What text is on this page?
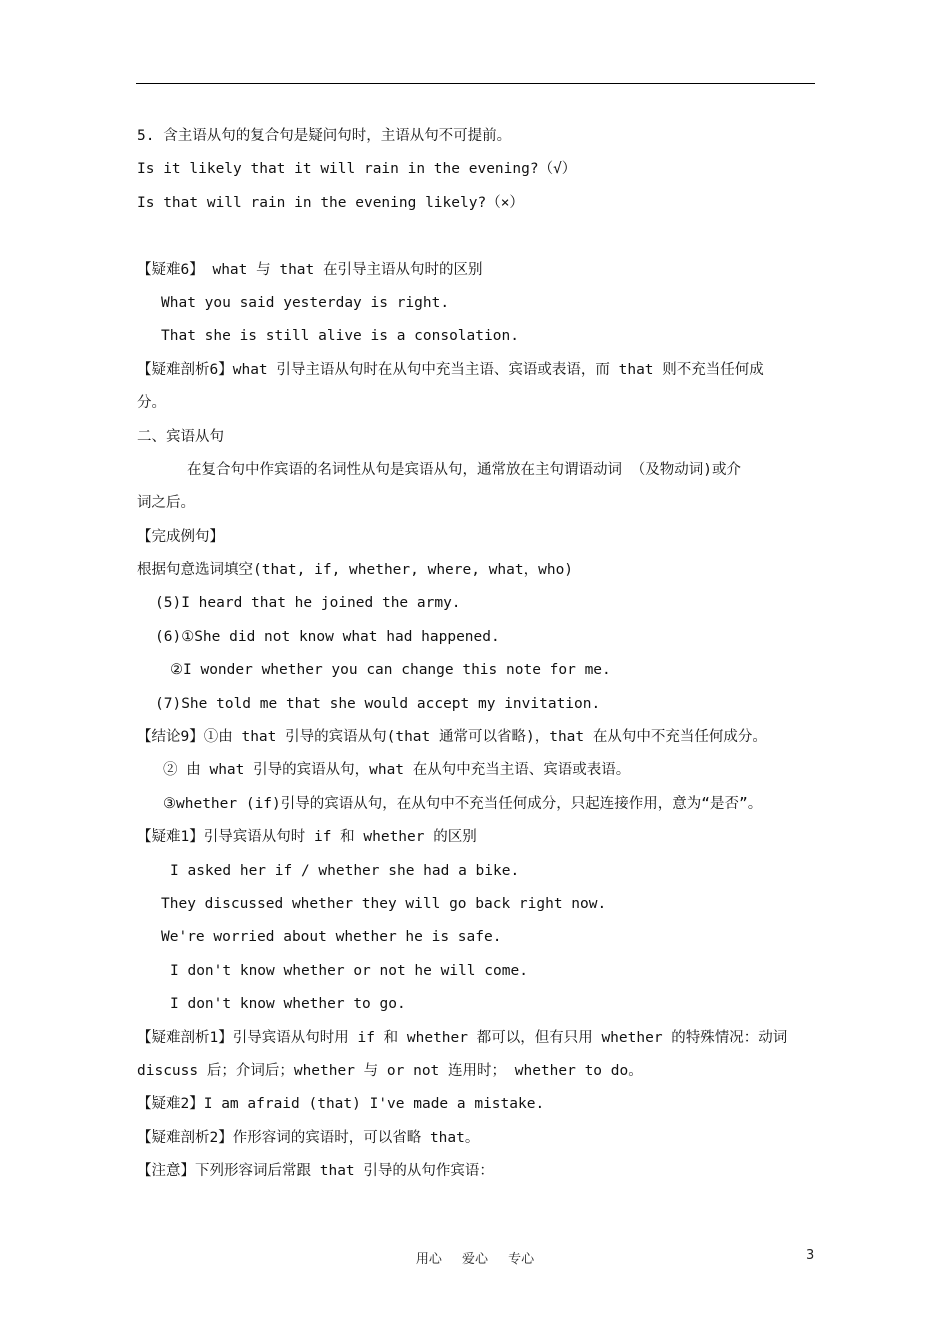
5. 含主语从句的复合句是疑问句时，主语从句不可提前。
Is it likely that it will rain in the evening?（√）
Is that will rain in the evening likely?（×）
【疑难6】 what 与 that 在引导主语从句时的区别
What you said yesterday is right.
That she is still alive is a consolation.
【疑难剖析6】what 引导主语从句时在从句中充当主语、宾语或表语，而 that 则不充当任何成
分。
二、宾语从句
在复合句中作宾语的名词性从句是宾语从句，通常放在主句谓语动词 （及物动词)或介
词之后。
【完成例句】
根据句意选词填空(that, if, whether, where, what，who)
(5)I heard that he joined the army.
(6)①She did not know what had happened.
②I wonder whether you can change this note for me.
(7)She told me that she would accept my invitation.
【结论9】①由 that 引导的宾语从句(that 通常可以省略)，that 在从句中不充当任何成分。
② 由 what 引导的宾语从句，what 在从句中充当主语、宾语或表语。
③whether (if)引导的宾语从句，在从句中不充当任何成分，只起连接作用，意为“是否”。
【疑难1】引导宾语从句时 if 和 whether 的区别
I asked her if / whether she had a bike.
They discussed whether they will go back right now.
We're worried about whether he is safe.
I don't know whether or not he will come.
I don't know whether to go.
【疑难剖析1】引导宾语从句时用 if 和 whether 都可以，但有只用 whether 的特殊情况：动词
discuss 后；介词后；whether 与 or not 连用时； whether to do。
【疑难2】I am afraid (that) I've made a mistake.
【疑难剖析2】作形容词的宾语时，可以省略 that。
【注意】下列形容词后常跟 that 引导的从句作宾语：
用心 爱心 专心	3
